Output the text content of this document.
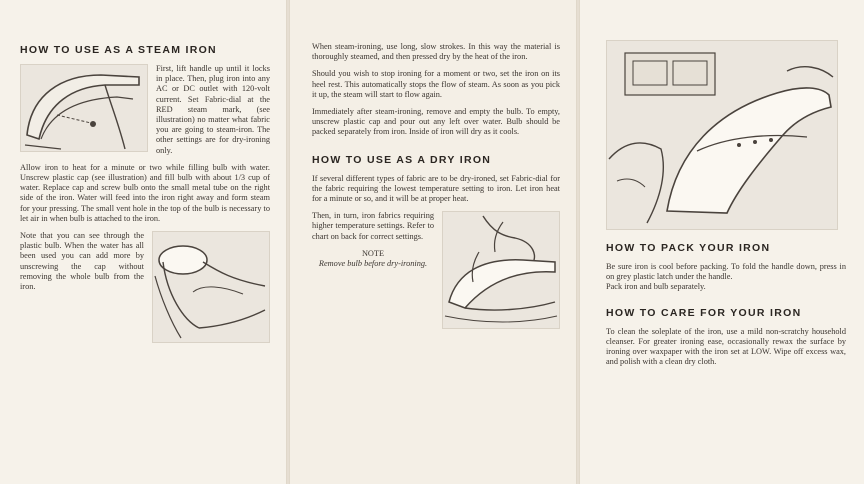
HOW TO USE AS A STEAM IRON

First, lift handle up until it locks in place. Then, plug iron into any AC or DC outlet with 120-volt current. Set Fabric-dial at the RED steam mark, (see illustration) no matter what fabric you are going to steam-iron. The other settings are for dry-ironing only.

Allow iron to heat for a minute or two while filling bulb with water. Unscrew plastic cap (see illustration) and fill bulb with about 1/3 cup of water. Replace cap and screw bulb onto the small metal tube on the right side of the iron. Water will feed into the iron right away and form steam for your pressing. The small vent hole in the top of the bulb is necessary to let air in when bulb is attached to the iron.

Note that you can see through the plastic bulb. When the water has all been used you can add more by unscrewing the cap without removing the whole bulb from the iron.

When steam-ironing, use long, slow strokes. In this way the material is thoroughly steamed, and then pressed dry by the heat of the iron.

Should you wish to stop ironing for a moment or two, set the iron on its heel rest. This automatically stops the flow of steam. As soon as you pick it up, the steam will start to flow again.

Immediately after steam-ironing, remove and empty the bulb. To empty, unscrew plastic cap and pour out any left over water. Bulb should be packed separately from iron. Inside of iron will dry as it cools.

HOW TO USE AS A DRY IRON

If several different types of fabric are to be dry-ironed, set Fabric-dial for the fabric requiring the lowest temperature setting to iron. Let iron heat for a minute or so, and it will be at proper heat.

Then, in turn, iron fabrics requiring higher temperature settings. Refer to chart on back for correct settings.

NOTE

Remove bulb before dry-ironing.

HOW TO PACK YOUR IRON

Be sure iron is cool before packing. To fold the handle down, press in on grey plastic latch under the handle.

Pack iron and bulb separately.

HOW TO CARE FOR YOUR IRON

To clean the soleplate of the iron, use a mild non-scratchy household cleanser. For greater ironing ease, occasionally rewax the surface by ironing over waxpaper with the iron set at LOW. Wipe off excess wax, and polish with a clean dry cloth.
